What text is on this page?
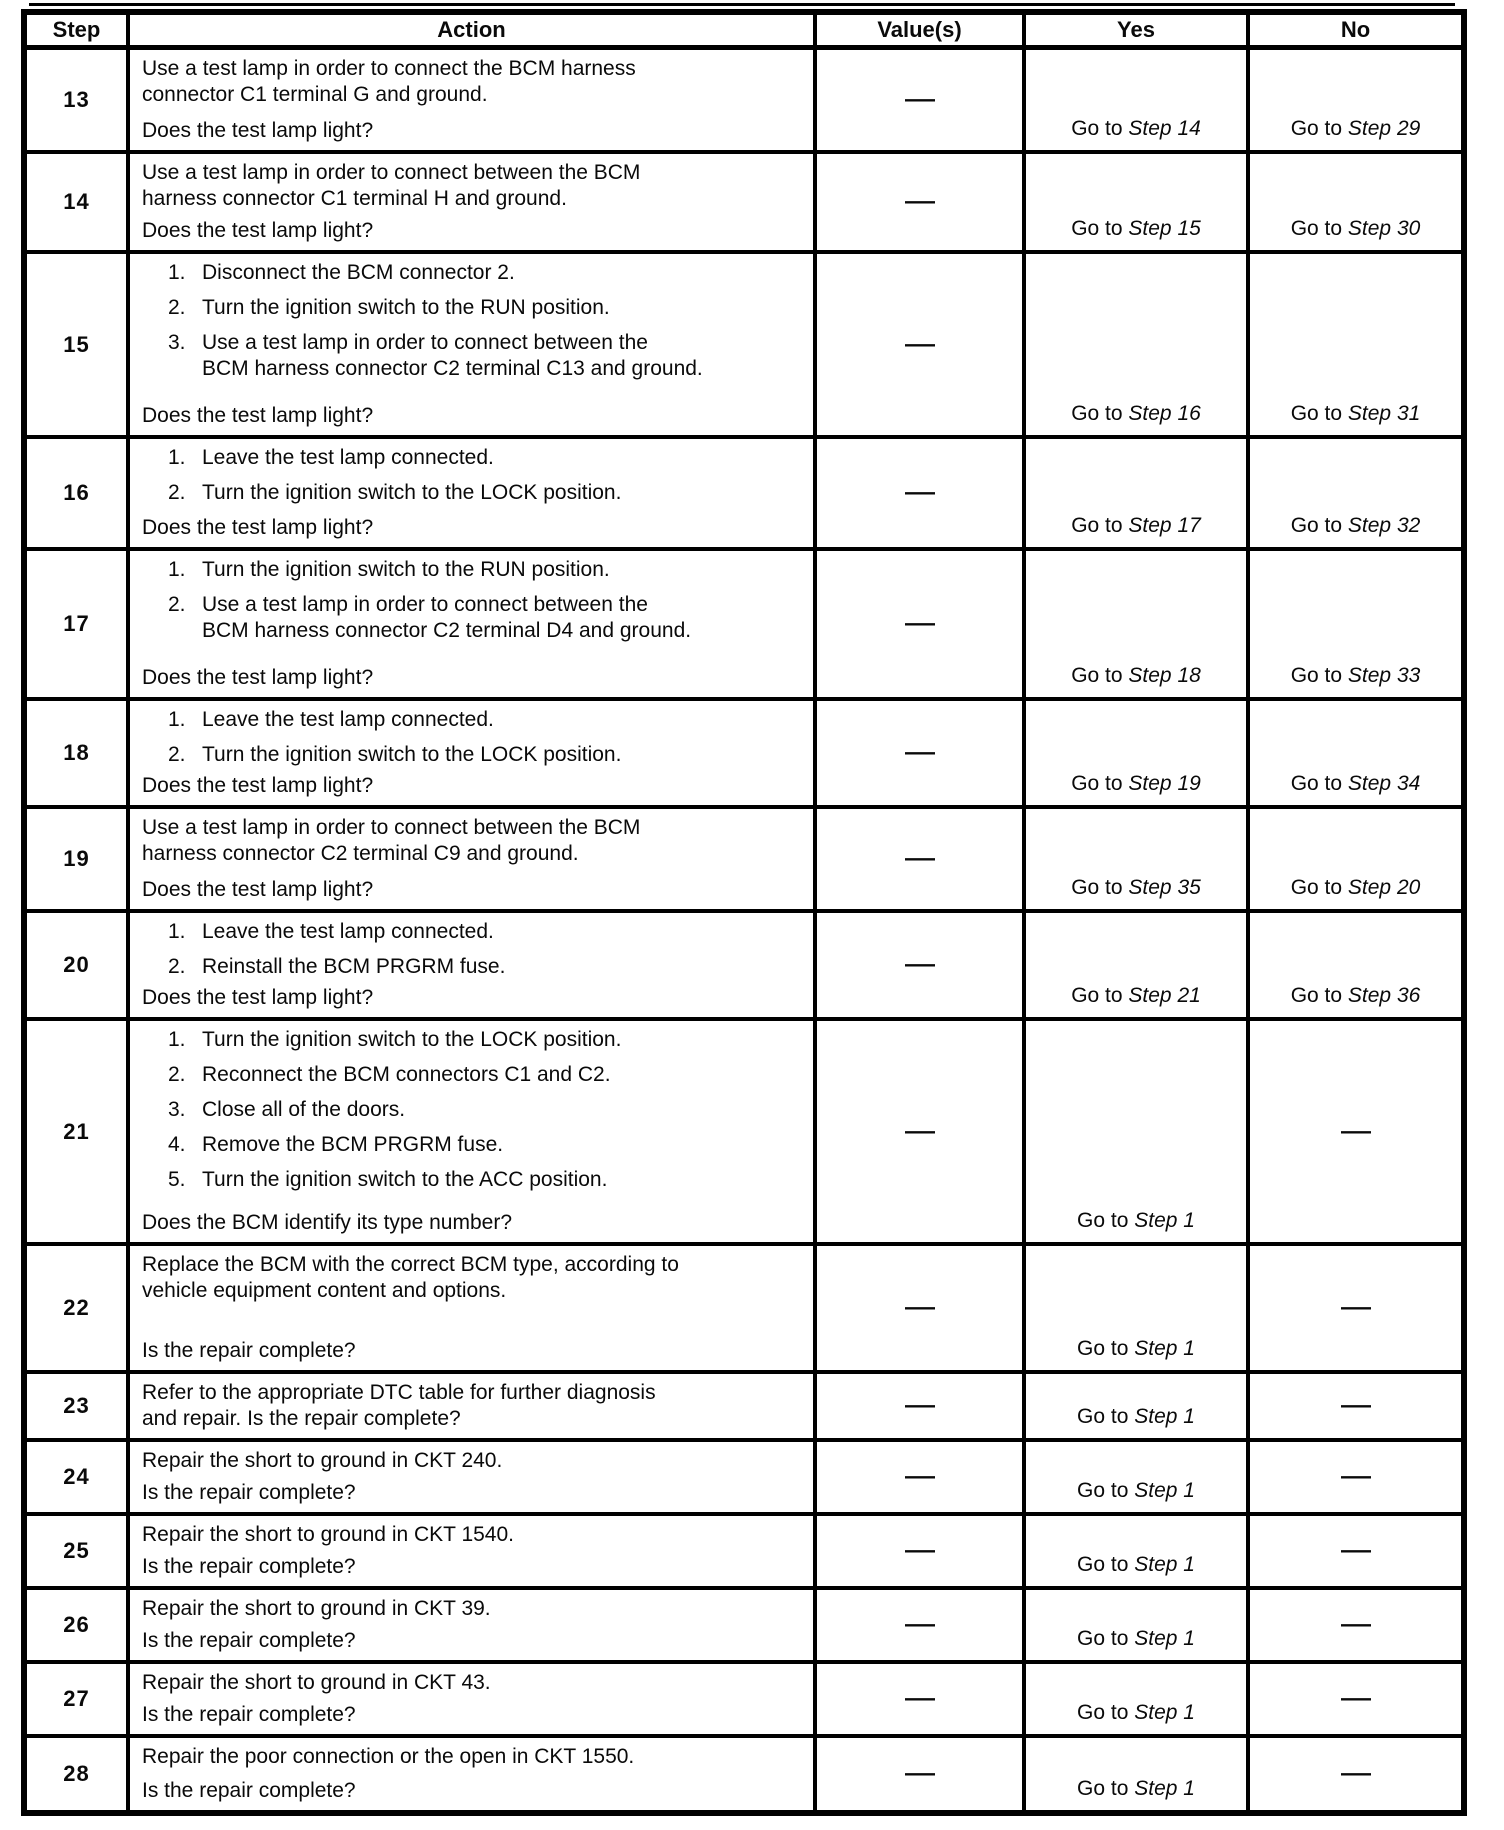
Step	Action	Value(s)	Yes	No
13	Use a test lamp in order to connect the BCM harness
connector C1 terminal G and ground.
Does the test lamp light?	—	Go to Step 14	Go to Step 29
14	Use a test lamp in order to connect between the BCM
harness connector C1 terminal H and ground.
Does the test lamp light?	—	Go to Step 15	Go to Step 30
15	
1. Disconnect the BCM connector 2.
2. Turn the ignition switch to the RUN position.
3. Use a test lamp in order to connect between the
BCM harness connector C2 terminal C13 and ground.
Does the test lamp light?
	—	Go to Step 16	Go to Step 31
16	1. Leave the test lamp connected.
2. Turn the ignition switch to the LOCK position.
Does the test lamp light?	—	Go to Step 17	Go to Step 32
17	
1. Turn the ignition switch to the RUN position.
2. Use a test lamp in order to connect between the
BCM harness connector C2 terminal D4 and ground.
Does the test lamp light?
	—	Go to Step 18	Go to Step 33
18	1. Leave the test lamp connected.
2. Turn the ignition switch to the LOCK position.
Does the test lamp light?	—	Go to Step 19	Go to Step 34
19	Use a test lamp in order to connect between the BCM
harness connector C2 terminal C9 and ground.
Does the test lamp light?	—	Go to Step 35	Go to Step 20
20	1. Leave the test lamp connected.
2. Reinstall the BCM PRGRM fuse.
Does the test lamp light?	—	Go to Step 21	Go to Step 36
21	
1. Turn the ignition switch to the LOCK position.
2. Reconnect the BCM connectors C1 and C2.
3. Close all of the doors.
4. Remove the BCM PRGRM fuse.
5. Turn the ignition switch to the ACC position.
Does the BCM identify its type number?
	—	Go to Step 1	—
22	Replace the BCM with the correct BCM type, according to
vehicle equipment content and options.
Is the repair complete?	—	Go to Step 1	—
23	Refer to the appropriate DTC table for further diagnosis
and repair. Is the repair complete?	—	Go to Step 1	—
24	Repair the short to ground in CKT 240.
Is the repair complete?	—	Go to Step 1	—
25	Repair the short to ground in CKT 1540.
Is the repair complete?	—	Go to Step 1	—
26	Repair the short to ground in CKT 39.
Is the repair complete?	—	Go to Step 1	—
27	Repair the short to ground in CKT 43.
Is the repair complete?	—	Go to Step 1	—
28	Repair the poor connection or the open in CKT 1550.
Is the repair complete?	—	Go to Step 1	—
